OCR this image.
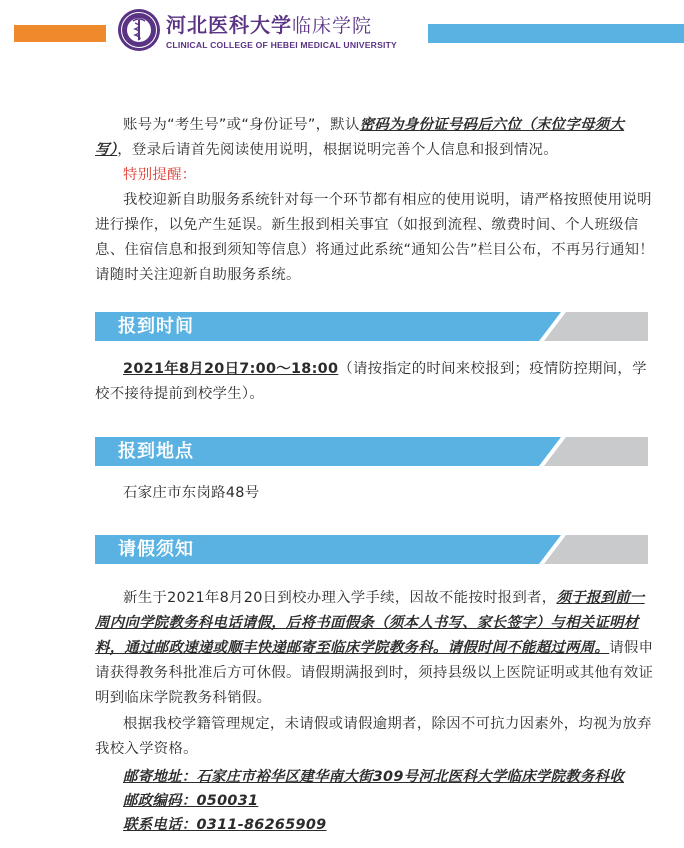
河北医科大学临床学院
CLINICAL COLLEGE OF HEBEI MEDICAL UNIVERSITY

账号为“考生号”或“身份证号”，默认密码为身份证号码后六位（末位字母须大写），登录后请首先阅读使用说明，根据说明完善个人信息和报到情况。

特别提醒：

我校迎新自助服务系统针对每一个环节都有相应的使用说明，请严格按照使用说明进行操作，以免产生延误。新生报到相关事宜（如报到流程、缴费时间、个人班级信息、住宿信息和报到须知等信息）将通过此系统“通知公告”栏目公布，不再另行通知！请随时关注迎新自助服务系统。

报到时间

2021年8月20日7:00～18:00（请按指定的时间来校报到；疫情防控期间，学校不接待提前到校学生）。

报到地点

石家庄市东岗路48号

请假须知

新生于2021年8月20日到校办理入学手续，因故不能按时报到者，须于报到前一周内向学院教务科电话请假，后将书面假条（须本人书写、家长签字）与相关证明材料，通过邮政速递或顺丰快递邮寄至临床学院教务科。请假时间不能超过两周。请假申请获得教务科批准后方可休假。请假期满报到时，须持县级以上医院证明或其他有效证明到临床学院教务科销假。

根据我校学籍管理规定，未请假或请假逾期者，除因不可抗力因素外，均视为放弃我校入学资格。

邮寄地址：石家庄市裕华区建华南大街309号河北医科大学临床学院教务科收
邮政编码：050031
联系电话：0311-86265909
